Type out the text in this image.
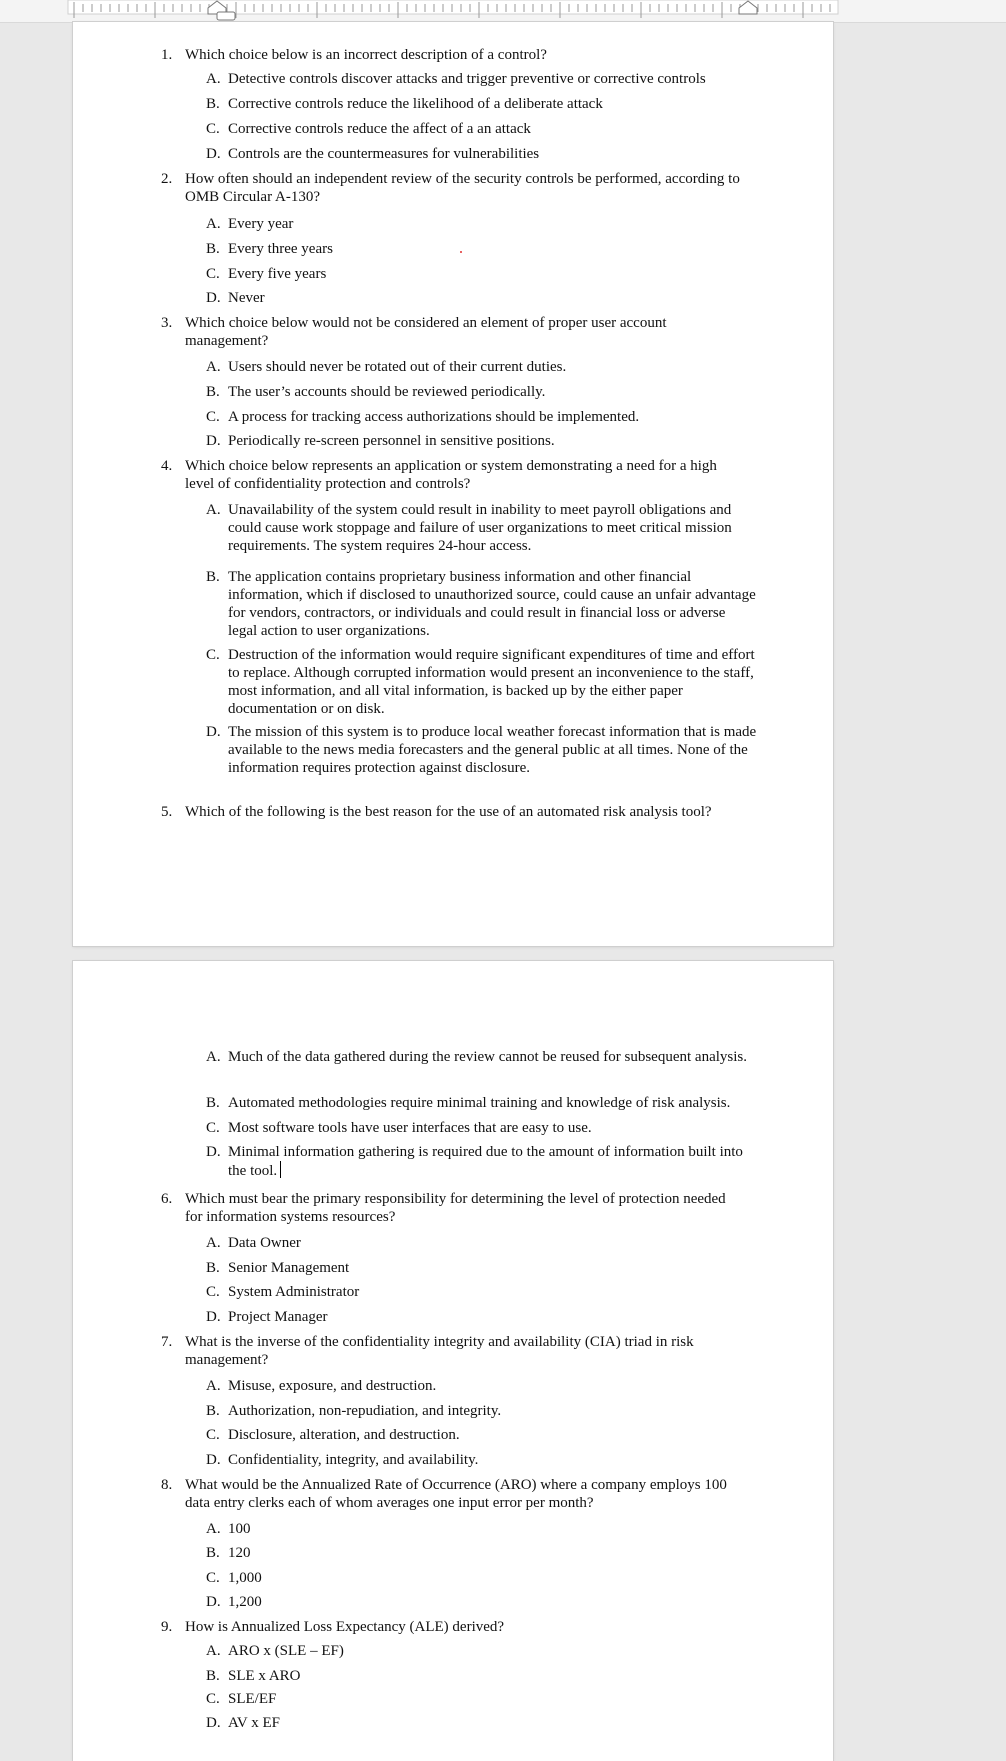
1. Which choice below is an incorrect description of a control?
A. Detective controls discover attacks and trigger preventive or corrective controls
B. Corrective controls reduce the likelihood of a deliberate attack
C. Corrective controls reduce the affect of a an attack
D. Controls are the countermeasures for vulnerabilities
2. How often should an independent review of the security controls be performed, according to OMB Circular A-130?
A. Every year
B. Every three years
C. Every five years
D. Never
3. Which choice below would not be considered an element of proper user account management?
A. Users should never be rotated out of their current duties.
B. The user’s accounts should be reviewed periodically.
C. A process for tracking access authorizations should be implemented.
D. Periodically re-screen personnel in sensitive positions.
4. Which choice below represents an application or system demonstrating a need for a high level of confidentiality protection and controls?
A. Unavailability of the system could result in inability to meet payroll obligations and could cause work stoppage and failure of user organizations to meet critical mission requirements. The system requires 24-hour access.
B. The application contains proprietary business information and other financial information, which if disclosed to unauthorized source, could cause an unfair advantage for vendors, contractors, or individuals and could result in financial loss or adverse legal action to user organizations.
C. Destruction of the information would require significant expenditures of time and effort to replace. Although corrupted information would present an inconvenience to the staff, most information, and all vital information, is backed up by the either paper documentation or on disk.
D. The mission of this system is to produce local weather forecast information that is made available to the news media forecasters and the general public at all times. None of the information requires protection against disclosure.
5. Which of the following is the best reason for the use of an automated risk analysis tool?
A. Much of the data gathered during the review cannot be reused for subsequent analysis.
B. Automated methodologies require minimal training and knowledge of risk analysis.
C. Most software tools have user interfaces that are easy to use.
D. Minimal information gathering is required due to the amount of information built into the tool.
6. Which must bear the primary responsibility for determining the level of protection needed for information systems resources?
A. Data Owner
B. Senior Management
C. System Administrator
D. Project Manager
7. What is the inverse of the confidentiality integrity and availability (CIA) triad in risk management?
A. Misuse, exposure, and destruction.
B. Authorization, non-repudiation, and integrity.
C. Disclosure, alteration, and destruction.
D. Confidentiality, integrity, and availability.
8. What would be the Annualized Rate of Occurrence (ARO) where a company employs 100 data entry clerks each of whom averages one input error per month?
A. 100
B. 120
C. 1,000
D. 1,200
9. How is Annualized Loss Expectancy (ALE) derived?
A. ARO x (SLE – EF)
B. SLE x ARO
C. SLE/EF
D. AV x EF
